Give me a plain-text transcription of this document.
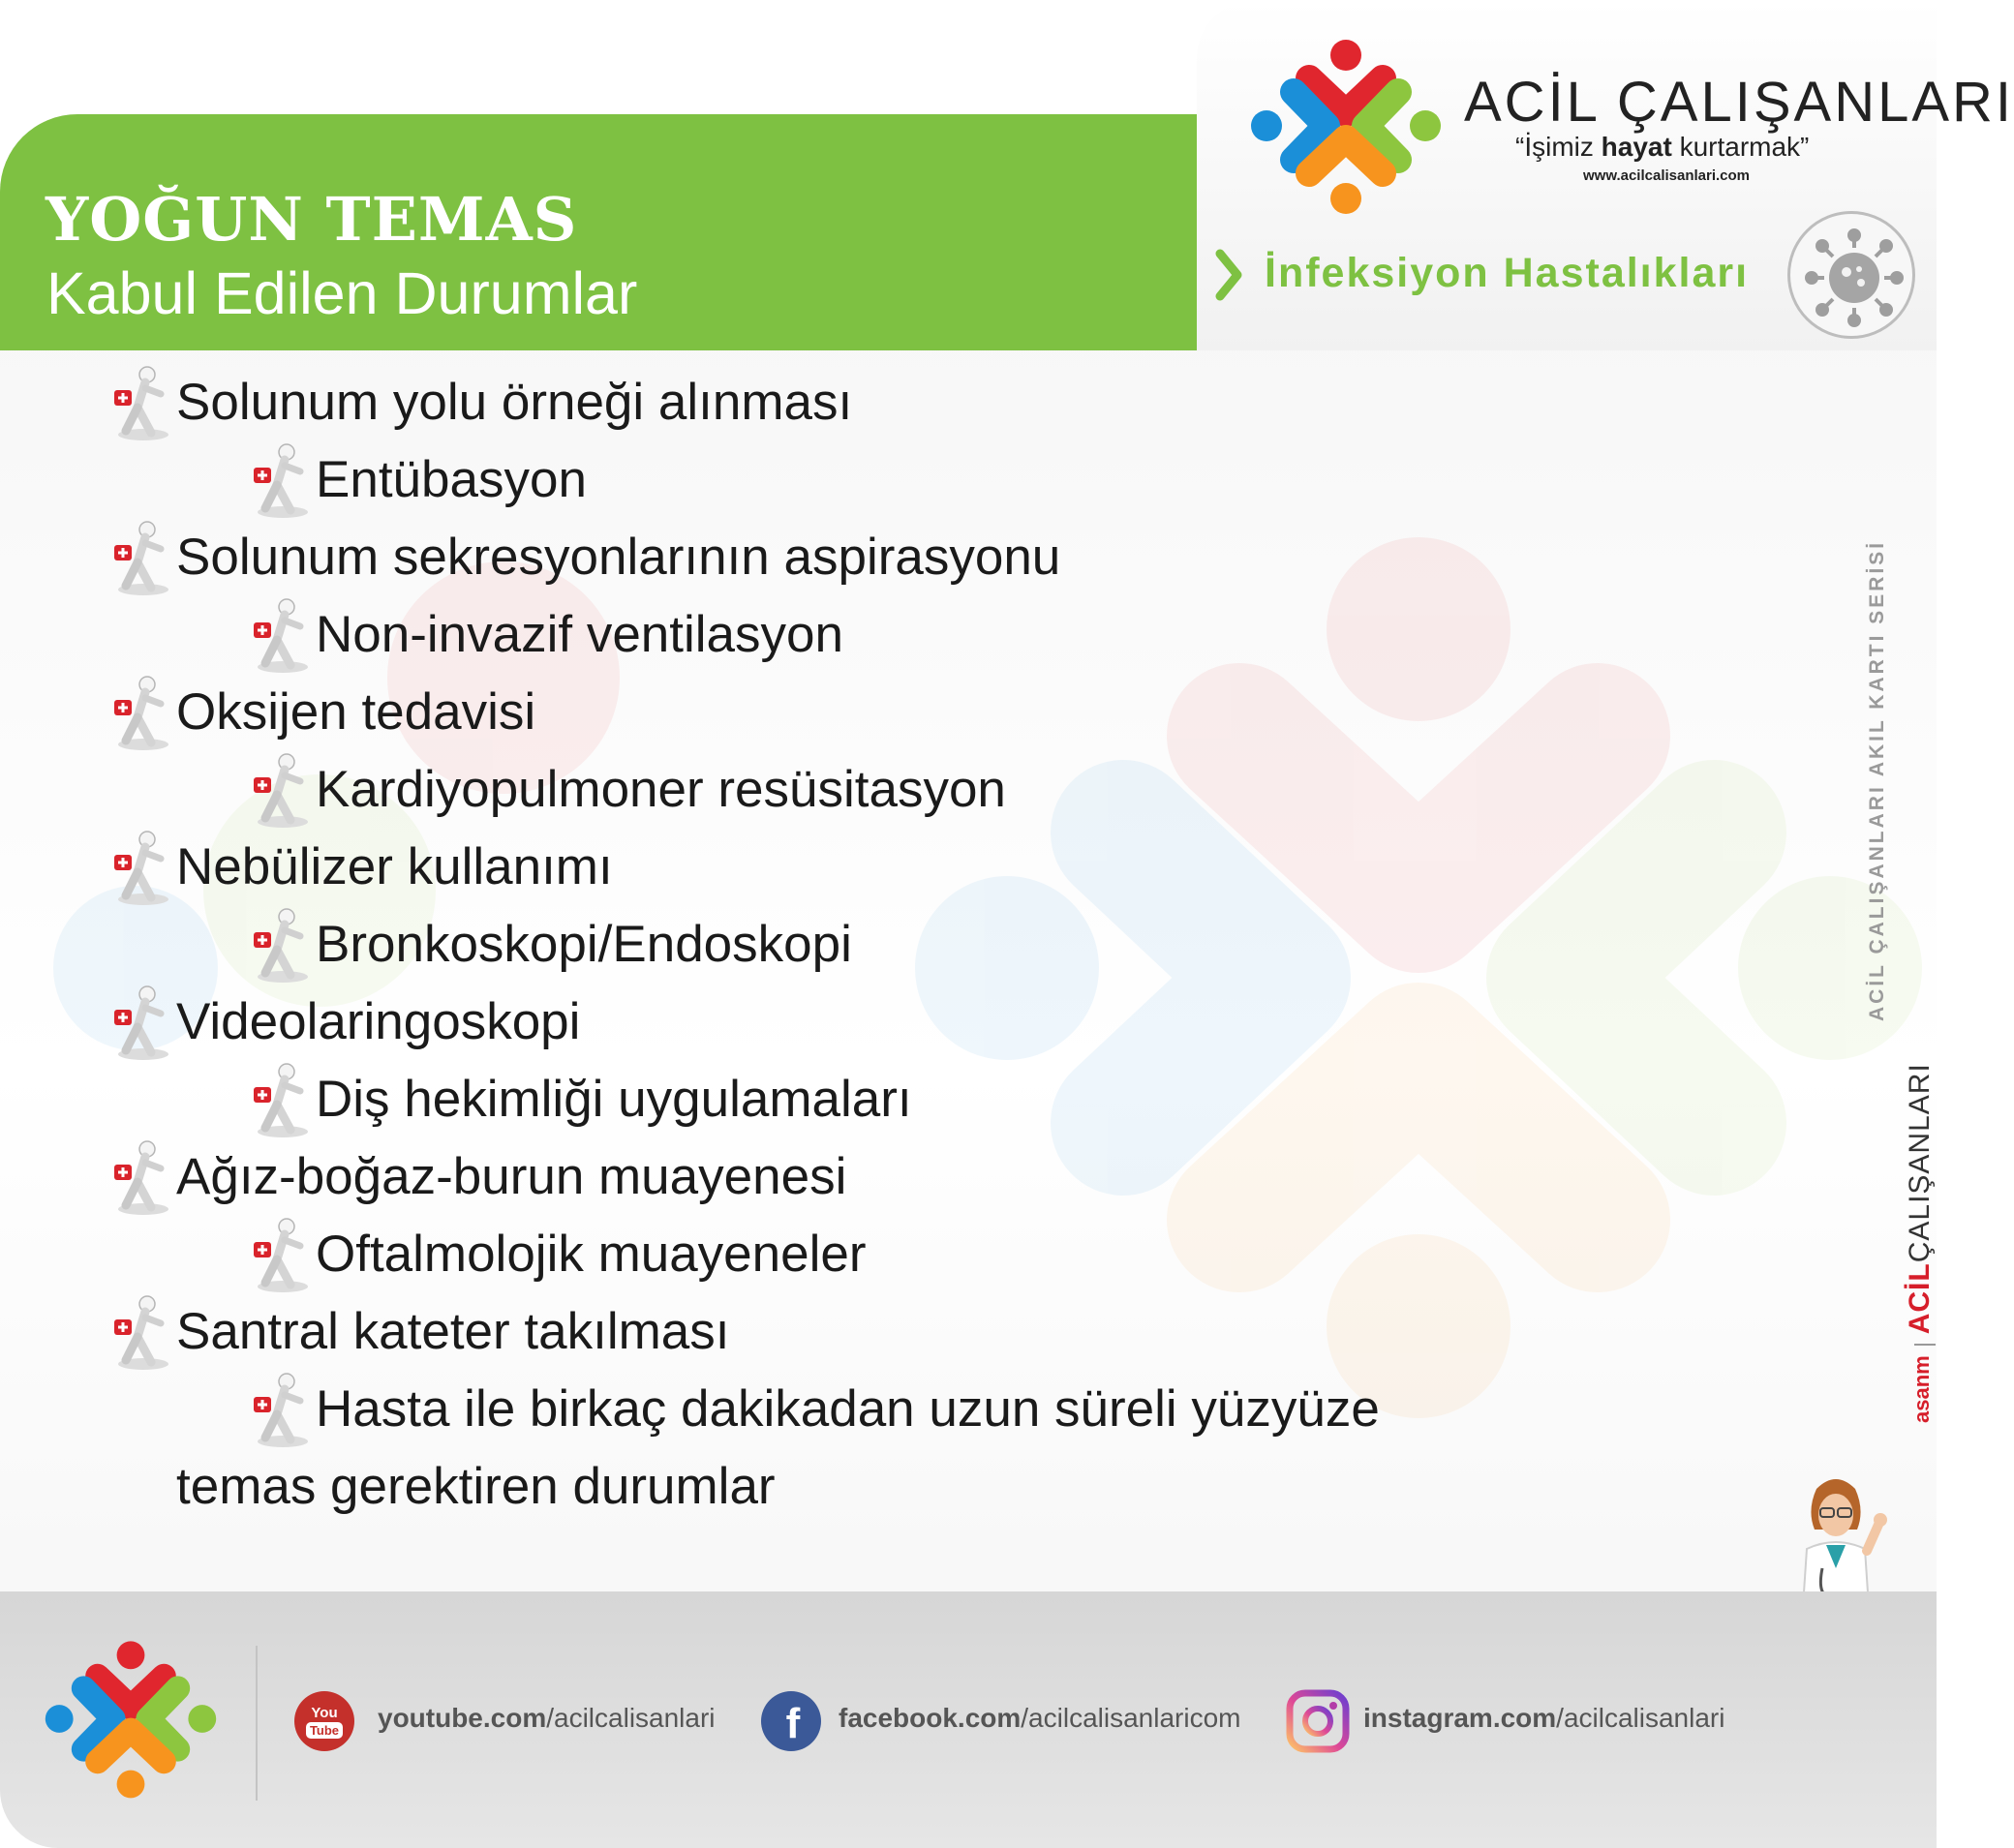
YOĞUN TEMAS
Kabul Edilen Durumlar
ACİL ÇALIŞANLARI
“İşimiz hayat kurtarmak”
www.acilcalisanlari.com
İnfeksiyon Hastalıkları
Solunum yolu örneği alınması
Entübasyon
Solunum sekresyonlarının aspirasyonu
Non-invazif ventilasyon
Oksijen tedavisi
Kardiyopulmoner resüsitasyon
Nebülizer kullanımı
Bronkoskopi/Endoskopi
Videolaringoskopi
Diş hekimliği uygulamaları
Ağız-boğaz-burun muayenesi
Oftalmolojik muayeneler
Santral kateter takılması
Hasta ile birkaç dakikadan uzun süreli yüzyüze
temas gerektiren durumlar
ACİL ÇALIŞANLARI AKIL KARTI SERİSİ
asanmACİLÇALIŞANLARI
You
Tube youtube.com/acilcalisanlari f facebook.com/acilcalisanlaricom	instagram.com/acilcalisanlari
